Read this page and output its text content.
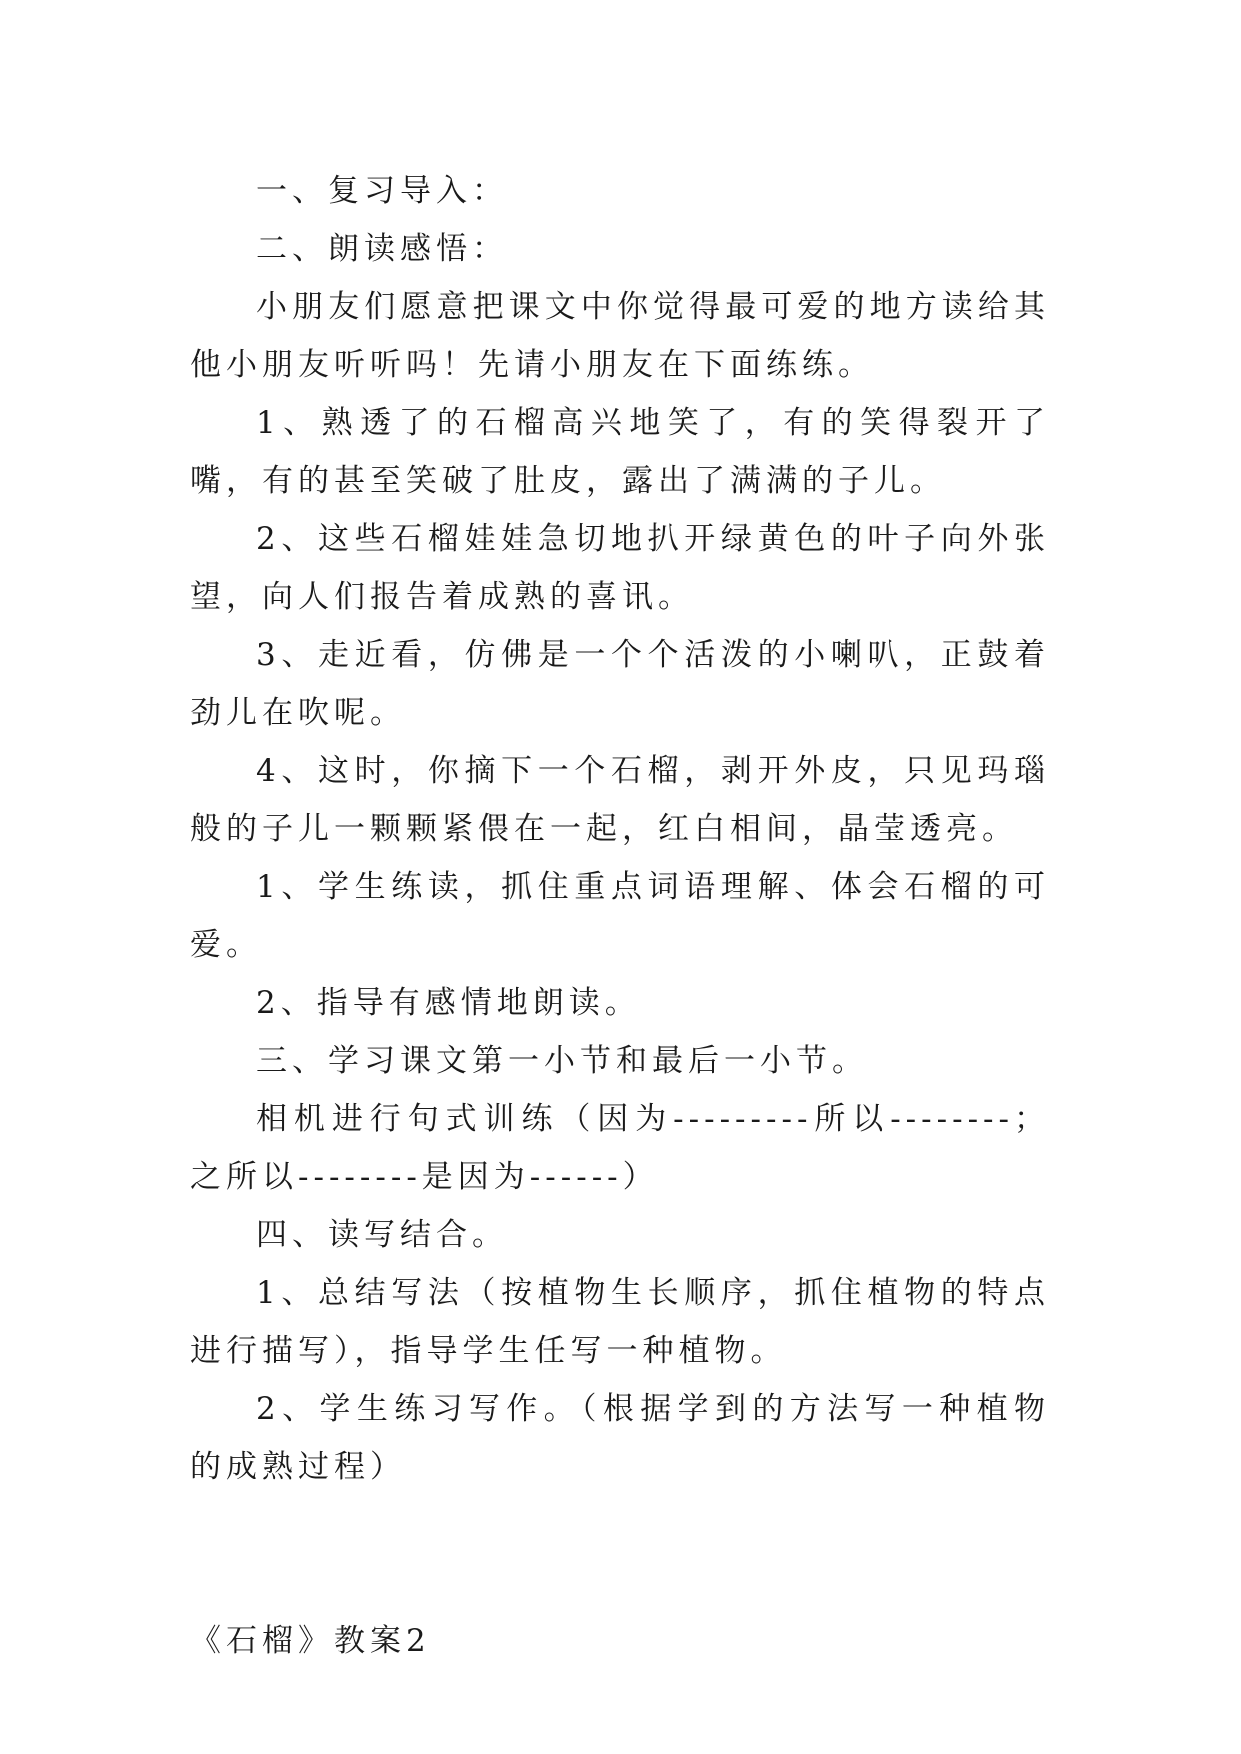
一、复习导入：

二、朗读感悟：

小朋友们愿意把课文中你觉得最可爱的地方读给其他小朋友听听吗！先请小朋友在下面练练。

1、熟透了的石榴高兴地笑了，有的笑得裂开了嘴，有的甚至笑破了肚皮，露出了满满的子儿。

2、这些石榴娃娃急切地扒开绿黄色的叶子向外张望，向人们报告着成熟的喜讯。

3、走近看，仿佛是一个个活泼的小喇叭，正鼓着劲儿在吹呢。

4、这时，你摘下一个石榴，剥开外皮，只见玛瑙般的子儿一颗颗紧偎在一起，红白相间，晶莹透亮。

1、学生练读，抓住重点词语理解、体会石榴的可爱。

2、指导有感情地朗读。

三、学习课文第一小节和最后一小节。

相机进行句式训练（因为---------所以--------；之所以--------是因为------）

四、读写结合。

1、总结写法（按植物生长顺序，抓住植物的特点进行描写），指导学生任写一种植物。

2、学生练习写作。（根据学到的方法写一种植物的成熟过程）

《石榴》教案2
